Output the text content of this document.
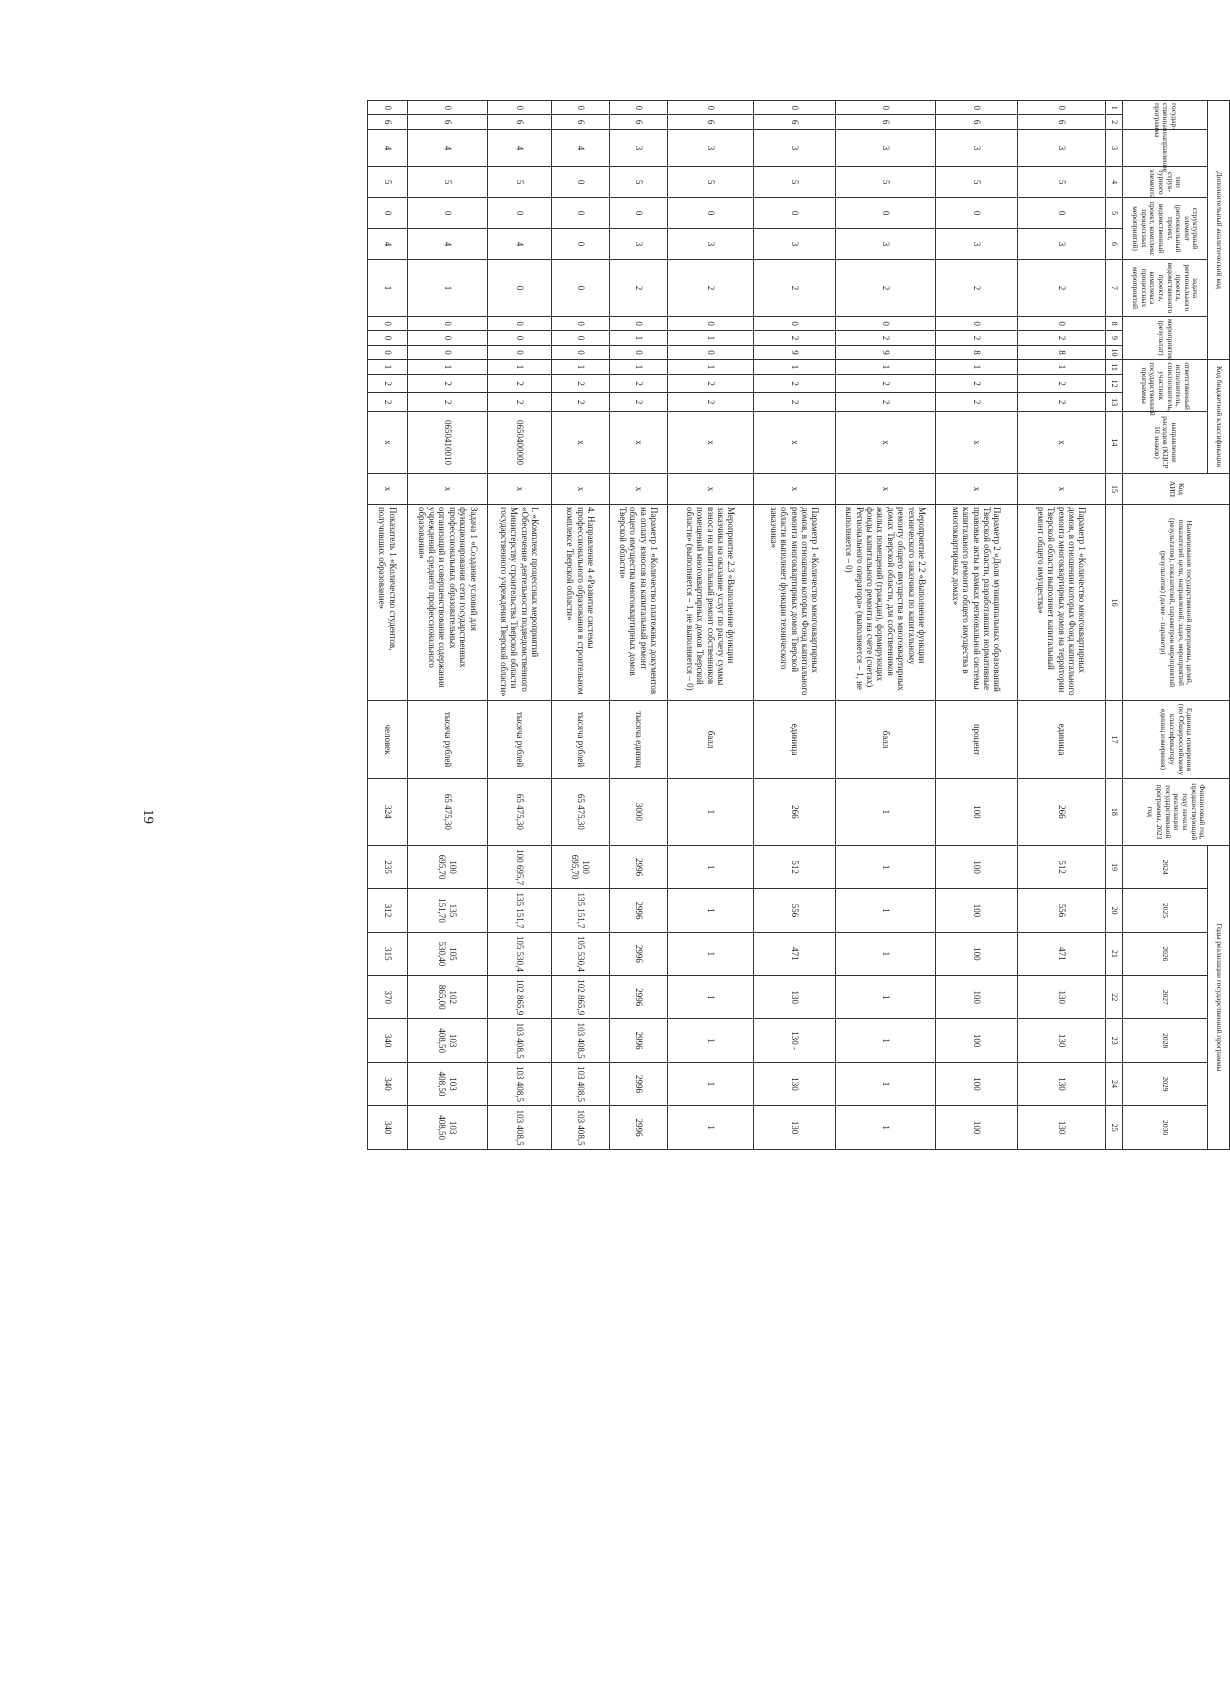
19
Дополнительный аналитический код										Код бюджетной классификации				Код АИП	Наименование государственной программы, целей, показателей цели, направлений, задач, мероприятий (результатов), показателей, параметров мероприятий (результатов) (далее – параметр)	Единица измерения (по Общероссийскому классификатору единиц измерения)	Финансовый год, предшествующий году начала реализации государственной программы, 2023 год	Годы реализации государственной программы						
государ-ственная программа		направление	тип струк-турного элемента	структурный элемент (региональный проект, ведомственный проект, комплекс процессных мероприятий)		задача регионального проекта, ведомственного проекта, комплекса процессных мероприятий	мероприятие (результат)			ответственный исполнитель, соисполнитель, участник государственной программы			направление расходов (КЦСР 10 знаков)					2024	2025	2026	2027	2028	2029	2030

1	2	3	4	5	6	7	8	9	10	11	12	13	14	15	16	17	18	19	20	21	22	23	24	25
0	6	3	5	0	3	2	0	2	8	1	2	2	x	x	Параметр 1 «Количество многоквартирных домов, в отношении которых Фонд капитального ремонта многоквартирных домов на территории Тверской области выполняет капитальный ремонт общего имущества»	единица	266	512	556	471	130	130	130	130
0	6	3	5	0	3	2	0	2	8	1	2	2	x	x	Параметр 2 «Доля муниципальных образований Тверской области, разработавших нормативные правовые акты в рамках региональной системы капитального ремонта общего имущества в многоквартирных домах»	процент	100	100	100	100	100	100	100	100
0	6	3	5	0	3	2	0	2	9	1	2	2	x	x	Мероприятие 2.2 «Выполнение функции технического заказчика по капитальному ремонту общего имущества в многоквартирных домах Тверской области, для собственников жилых помещений (граждан), формирующих фонды капитального ремонта на счете (счетах) Регионального оператора» (выполняется – 1, не выполняется – 0)	балл	1	1	1	1	1	1	1	1
0	6	3	5	0	3	2	0	2	9	1	2	2	x	x	Параметр 1 «Количество многоквартирных домов, в отношении которых Фонд капитального ремонта многоквартирных домов Тверской области выполняет функции технического заказчика»	единица	266	512	556	471	130	130 -	130	130
0	6	3	5	0	3	2	0	1	0	1	2	2	x	x	Мероприятие 2.3 «Выполнение функции заказчика на оказание услуг по расчету суммы взноса на капитальный ремонт собственников помещений многоквартирных домов Тверской области» (выполняется – 1, не выполняется – 0)	балл	1	1	1	1	1	1	1	1
0	6	3	5	0	3	2	0	1	0	1	2	2	x	x	Параметр 1 «Количество платежных документов на оплату взносов на капитальный ремонт общего имущества многоквартирных домов Тверской области»	тысяча единиц	3000	2996	2996	2996	2996	2996	2996	2996
0	6	4	0	0	0	0	0	0	0	1	2	2	x	x	4. Направление 4 «Развитие системы профессионального образования в строительном комплексе Тверской области»	тысяча рублей	65 475,30	100 695,70	135 151,7	105 530,4	102 865,9	103 408,5	103 408,5	103 408,5
0	6	4	5	0	4	0	0	0	0	1	2	2	0650400000	x	I. «Комплекс процессных мероприятий «Обеспечение деятельности подведомственного Министерству строительства Тверской области государственного учреждения Тверской области»	тысяча рублей	65 475,30	100 695,7	135 151,7	105 530,4	102 865,9	103 408,5	103 408,5	103 408,5
0	6	4	5	0	4	1	0	0	0	1	2	2	0650410010	x	Задача 1 «Создание условий для функционирования сети государственных профессиональных образовательных организаций и совершенствование содержания учреждений среднего профессионального образования»	тысяча рублей	65 475,30	100 695,70	135 151,70	105 530,40	102 865,00	103 408,50	103 408,50	103 408,50
0	6	4	5	0	4	1	0	0	0	1	2	2	x	x	Показатель 1 «Количество студентов, получивших образование»	человек	324	235	312	315	370	340	340	340
